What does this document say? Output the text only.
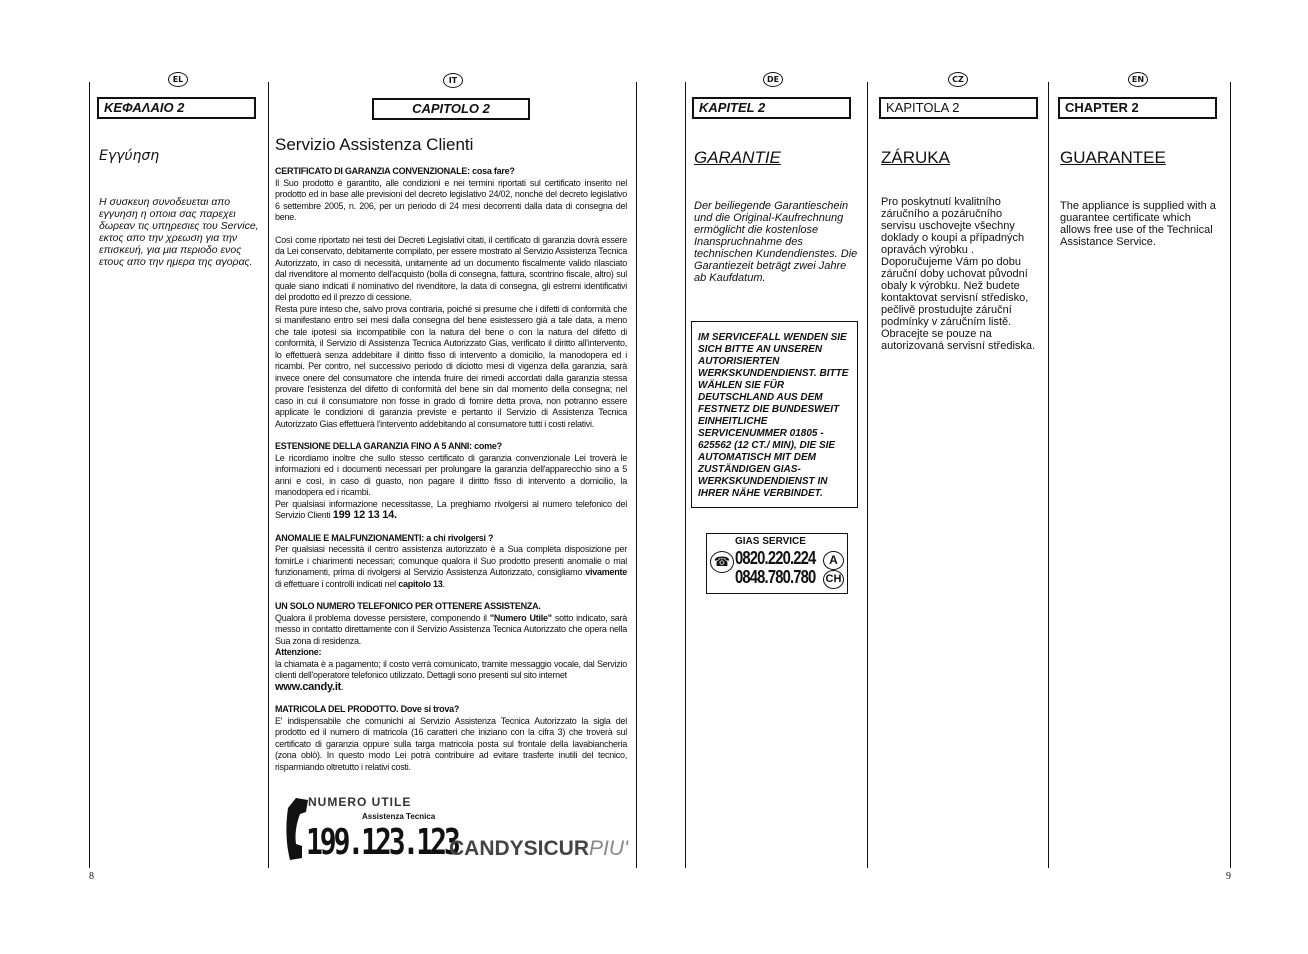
EL	IT	DE	CZ	EN
ΚΕΦΑΛΑΙΟ 2
Εγγύηση
Η συσκευη συνοδευεται απο εγγυηση η οποια σας παρεχει δωρεαν τις υπηρεσιες του Service, εκτος απο την χρεωση για την επισκευή, για μια περιοδο ενος ετους απο την ημερα της αγορας.
CAPITOLO 2
Servizio Assistenza Clienti

CERTIFICATO DI GARANZIA CONVENZIONALE: cosa fare?
Il Suo prodotto è garantito, alle condizioni e nei termini riportati sul certificato inserito nel prodotto ed in base alle previsioni del decreto legislativo 24/02, nonché del decreto legislativo 6 settembre 2005, n. 206, per un periodo di 24 mesi decorrenti dalla data di consegna del bene.

Così come riportato nei testi dei Decreti Legislativi citati, il certificato di garanzia dovrà essere da Lei conservato, debitamente compilato, per essere mostrato al Servizio Assistenza Tecnica Autorizzato, in caso di necessità, unitamente ad un documento fiscalmente valido rilasciato dal rivenditore al momento dell'acquisto (bolla di consegna, fattura, scontrino fiscale, altro) sul quale siano indicati il nominativo del rivenditore, la data di consegna, gli estremi identificativi del prodotto ed il prezzo di cessione.
Resta pure inteso che, salvo prova contraria, poiché si presume che i difetti di conformità che si manifestano entro sei mesi dalla consegna del bene esistessero già a tale data, a meno che tale ipotesi sia incompatibile con la natura del bene o con la natura del difetto di conformità, il Servizio di Assistenza Tecnica Autorizzato Gias, verificato il diritto all'intervento, lo effettuerà senza addebitare il diritto fisso di intervento a domicilio, la manodopera ed i ricambi. Per contro, nel successivo periodo di diciotto mesi di vigenza della garanzia, sarà invece onere del consumatore che intenda fruire dei rimedi accordati dalla garanzia stessa provare l'esistenza del difetto di conformità del bene sin dal momento della consegna; nel caso in cui il consumatore non fosse in grado di fornire detta prova, non potranno essere applicate le condizioni di garanzia previste e pertanto il Servizio di Assistenza Tecnica Autorizzato Gias effettuerà l'intervento addebitando al consumatore tutti i costi relativi.

ESTENSIONE DELLA GARANZIA FINO A 5 ANNI: come?
Le ricordiamo inoltre che sullo stesso certificato di garanzia convenzionale Lei troverà le informazioni ed i documenti necessari per prolungare la garanzia dell'apparecchio sino a 5 anni e così, in caso di guasto, non pagare il diritto fisso di intervento a domicilio, la manodopera ed i ricambi.
Per qualsiasi informazione necessitasse, La preghiamo rivolgersi al numero telefonico del Servizio Clienti 199 12 13 14.

ANOMALIE E MALFUNZIONAMENTI: a chi rivolgersi ?
Per qualsiasi necessità il centro assistenza autorizzato è a Sua completa disposizione per fornirLe i chiarimenti necessari; comunque qualora il Suo prodotto presenti anomalie o mal funzionamenti, prima di rivolgersi al Servizio Assistenza Autorizzato, consigliamo vivamente di effettuare i controlli indicati nel capitolo 13.

UN SOLO NUMERO TELEFONICO PER OTTENERE ASSISTENZA.
Qualora il problema dovesse persistere, componendo il "Numero Utile" sotto indicato, sarà messo in contatto direttamente con il Servizio Assistenza Tecnica Autorizzato che opera nella Sua zona di residenza.
Attenzione:
la chiamata è a pagamento; il costo verrà comunicato, tramite messaggio vocale, dal Servizio clienti dell'operatore telefonico utilizzato. Dettagli sono presenti sul sito internet
www.candy.it.

MATRICOLA DEL PRODOTTO. Dove si trova?
E' indispensabile che comunichi al Servizio Assistenza Tecnica Autorizzato la sigla del prodotto ed il numero di matricola (16 caratteri che iniziano con la cifra 3) che troverà sul certificato di garanzia oppure sulla targa matricola posta sul frontale della lavabiancheria (zona oblò). In questo modo Lei potrà contribuire ad evitare trasferte inutili del tecnico, risparmiando oltretutto i relativi costi.

NUMERO UTILE
Assistenza Tecnica
199.123.123
CANDYSICURPIU'
KAPITEL 2
GARANTIE
Der beiliegende Garantieschein und die Original-Kaufrechnung ermöglicht die kostenlose Inanspruchnahme des technischen Kundendienstes. Die Garantiezeit beträgt zwei Jahre ab Kaufdatum.
IM SERVICEFALL WENDEN SIE SICH BITTE AN UNSEREN AUTORISIERTEN WERKSKUNDENDIENST. BITTE WÄHLEN SIE FÜR DEUTSCHLAND AUS DEM FESTNETZ DIE BUNDESWEIT EINHEITLICHE SERVICENUMMER 01805 - 625562 (12 CT./ MIN), DIE SIE AUTOMATISCH MIT DEM ZUSTÄNDIGEN GIAS-WERKSKUNDENDIENST IN IHRER NÄHE VERBINDET.
GIAS SERVICE
☎ 0820.220.224
0848.780.780
A
CH
KAPITOLA 2
ZÁRUKA
Pro poskytnutí kvalitního záručního a pozáručního servisu uschovejte všechny doklady o koupi a případných opravách výrobku . Doporučujeme Vám po dobu záruční doby uchovat původní obaly k výrobku. Než budete kontaktovat servisní středisko, pečlivě prostudujte záruční podmínky v záručním listě. Obracejte se pouze na autorizovaná servisní střediska.
CHAPTER 2
GUARANTEE
The appliance is supplied with a guarantee certificate which allows free use of the Technical Assistance Service.
8	9
